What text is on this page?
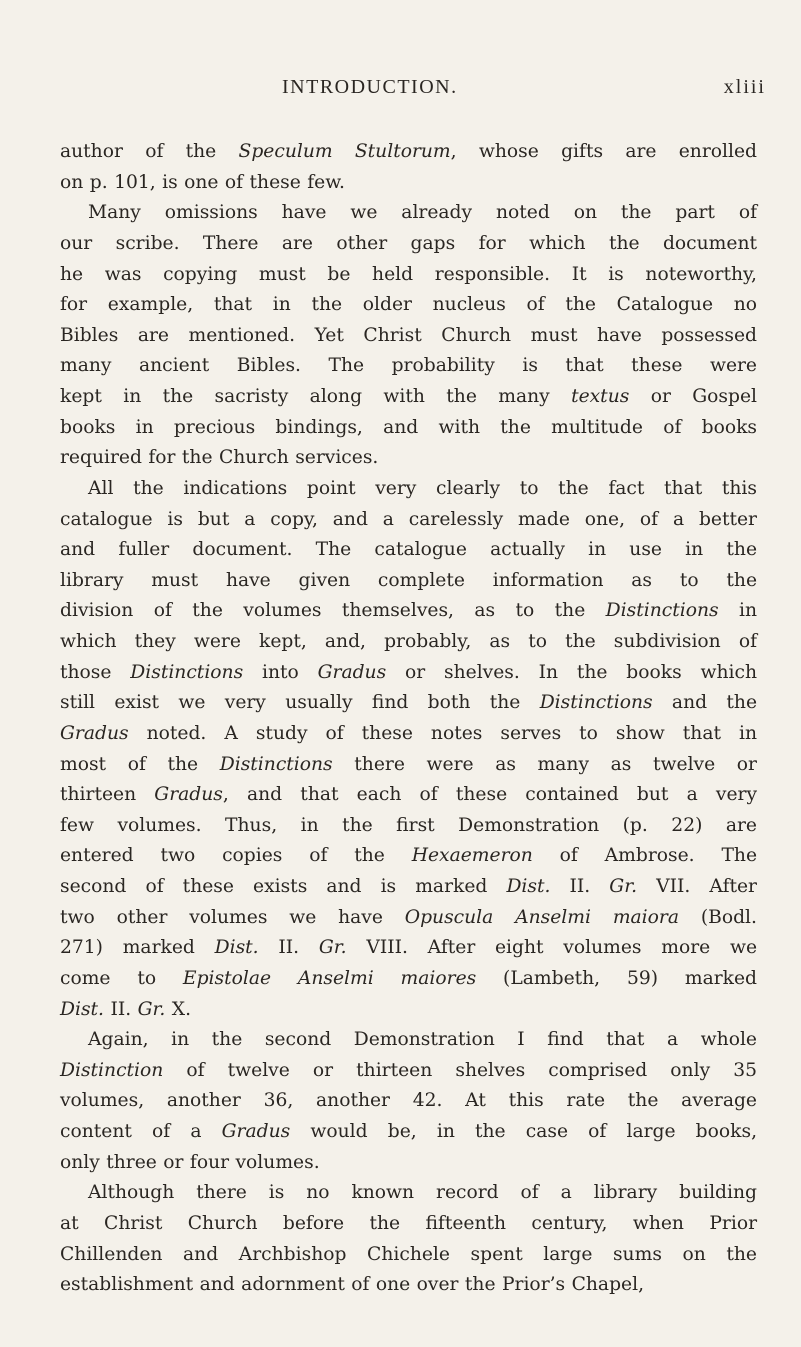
INTRODUCTION.	xliii

author of the Speculum Stultorum, whose gifts are enrolled

on p. 101, is one of these few.

Many omissions have we already noted on the part of

our scribe. There are other gaps for which the document

he was copying must be held responsible. It is noteworthy,

for example, that in the older nucleus of the Catalogue no

Bibles are mentioned. Yet Christ Church must have possessed

many ancient Bibles. The probability is that these were

kept in the sacristy along with the many textus or Gospel

books in precious bindings, and with the multitude of books

required for the Church services.

All the indications point very clearly to the fact that this

catalogue is but a copy, and a carelessly made one, of a better

and fuller document. The catalogue actually in use in the

library must have given complete information as to the

division of the volumes themselves, as to the Distinctions in

which they were kept, and, probably, as to the subdivision of

those Distinctions into Gradus or shelves. In the books which

still exist we very usually find both the Distinctions and the

Gradus noted. A study of these notes serves to show that in

most of the Distinctions there were as many as twelve or

thirteen Gradus, and that each of these contained but a very

few volumes. Thus, in the first Demonstration (p. 22) are

entered two copies of the Hexaemeron of Ambrose. The

second of these exists and is marked Dist. II. Gr. VII. After

two other volumes we have Opuscula Anselmi maiora (Bodl.

271) marked Dist. II. Gr. VIII. After eight volumes more we

come to Epistolae Anselmi maiores (Lambeth, 59) marked

Dist. II. Gr. X.

Again, in the second Demonstration I find that a whole

Distinction of twelve or thirteen shelves comprised only 35

volumes, another 36, another 42. At this rate the average

content of a Gradus would be, in the case of large books,

only three or four volumes.

Although there is no known record of a library building

at Christ Church before the fifteenth century, when Prior

Chillenden and Archbishop Chichele spent large sums on the

establishment and adornment of one over the Prior’s Chapel,
